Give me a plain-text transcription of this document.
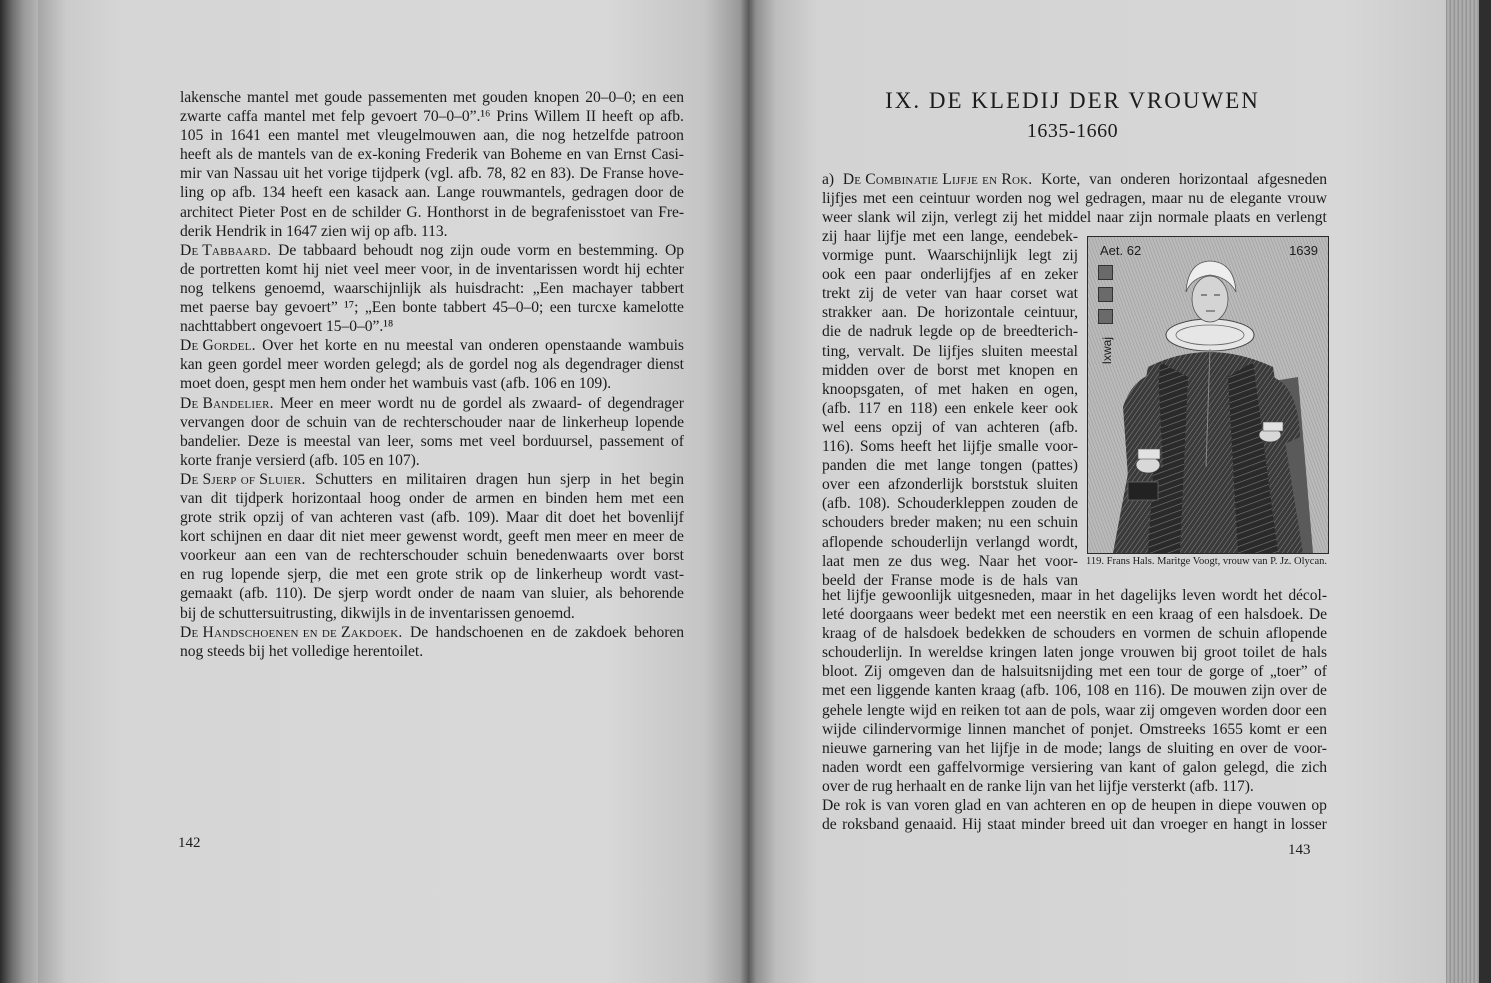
lakensche mantel met goude passementen met gouden knopen 20–0–0; en een
zwarte caffa mantel met felp gevoert 70–0–0”.¹⁶ Prins Willem II heeft op afb.
105 in 1641 een mantel met vleugelmouwen aan, die nog hetzelfde patroon
heeft als de mantels van de ex-koning Frederik van Boheme en van Ernst Casi-
mir van Nassau uit het vorige tijdperk (vgl. afb. 78, 82 en 83). De Franse hove-
ling op afb. 134 heeft een kasack aan. Lange rouwmantels, gedragen door de
architect Pieter Post en de schilder G. Honthorst in de begrafenisstoet van Fre-
derik Hendrik in 1647 zien wij op afb. 113.
De Tabbaard. De tabbaard behoudt nog zijn oude vorm en bestemming. Op
de portretten komt hij niet veel meer voor, in de inventarissen wordt hij echter
nog telkens genoemd, waarschijnlijk als huisdracht: „Een machayer tabbert
met paerse bay gevoert” ¹⁷; „Een bonte tabbert 45–0–0; een turcxe kamelotte
nachttabbert ongevoert 15–0–0”.¹⁸
De Gordel. Over het korte en nu meestal van onderen openstaande wambuis
kan geen gordel meer worden gelegd; als de gordel nog als degendrager dienst
moet doen, gespt men hem onder het wambuis vast (afb. 106 en 109).
De Bandelier. Meer en meer wordt nu de gordel als zwaard- of degendrager
vervangen door de schuin van de rechterschouder naar de linkerheup lopende
bandelier. Deze is meestal van leer, soms met veel borduursel, passement of
korte franje versierd (afb. 105 en 107).
De Sjerp of Sluier. Schutters en militairen dragen hun sjerp in het begin
van dit tijdperk horizontaal hoog onder de armen en binden hem met een
grote strik opzij of van achteren vast (afb. 109). Maar dit doet het bovenlijf
kort schijnen en daar dit niet meer gewenst wordt, geeft men meer en meer de
voorkeur aan een van de rechterschouder schuin benedenwaarts over borst
en rug lopende sjerp, die met een grote strik op de linkerheup wordt vast-
gemaakt (afb. 110). De sjerp wordt onder de naam van sluier, als behorende
bij de schuttersuitrusting, dikwijls in de inventarissen genoemd.
De Handschoenen en de Zakdoek. De handschoenen en de zakdoek behoren
nog steeds bij het volledige herentoilet.
142
IX. DE KLEDIJ DER VROUWEN
1635-1660
a) De Combinatie Lijfje en Rok. Korte, van onderen horizontaal afgesneden
lijfjes met een ceintuur worden nog wel gedragen, maar nu de elegante vrouw
weer slank wil zijn, verlegt zij het middel naar zijn normale plaats en verlengt
zij haar lijfje met een lange, eendebek-
vormige punt. Waarschijnlijk legt zij
ook een paar onderlijfjes af en zeker
trekt zij de veter van haar corset wat
strakker aan. De horizontale ceintuur,
die de nadruk legde op de breedterich-
ting, vervalt. De lijfjes sluiten meestal
midden over de borst met knopen en
knoopsgaten, of met haken en ogen,
(afb. 117 en 118) een enkele keer ook
wel eens opzij of van achteren (afb.
116). Soms heeft het lijfje smalle voor-
panden die met lange tongen (pattes)
over een afzonderlijk borststuk sluiten
(afb. 108). Schouderkleppen zouden de
schouders breder maken; nu een schuin
aflopende schouderlijn verlangd wordt,
laat men ze dus weg. Naar het voor-
beeld der Franse mode is de hals van
het lijfje gewoonlijk uitgesneden, maar in het dagelijks leven wordt het décol-
leté doorgaans weer bedekt met een neerstik en een kraag of een halsdoek. De
kraag of de halsdoek bedekken de schouders en vormen de schuin aflopende
schouderlijn. In wereldse kringen laten jonge vrouwen bij groot toilet de hals
bloot. Zij omgeven dan de halsuitsnijding met een tour de gorge of „toer” of
met een liggende kanten kraag (afb. 106, 108 en 116). De mouwen zijn over de
gehele lengte wijd en reiken tot aan de pols, waar zij omgeven worden door een
wijde cilindervormige linnen manchet of ponjet. Omstreeks 1655 komt er een
nieuwe garnering van het lijfje in de mode; langs de sluiting en over de voor-
naden wordt een gaffelvormige versiering van kant of galon gelegd, die zich
over de rug herhaalt en de ranke lijn van het lijfje versterkt (afb. 117).
De rok is van voren glad en van achteren en op de heupen in diepe vouwen op
de roksband genaaid. Hij staat minder breed uit dan vroeger en hangt in losser
Aet. 62	1639
Ixwaj
119. Frans Hals. Maritge Voogt, vrouw van P. Jz. Olycan.
143
